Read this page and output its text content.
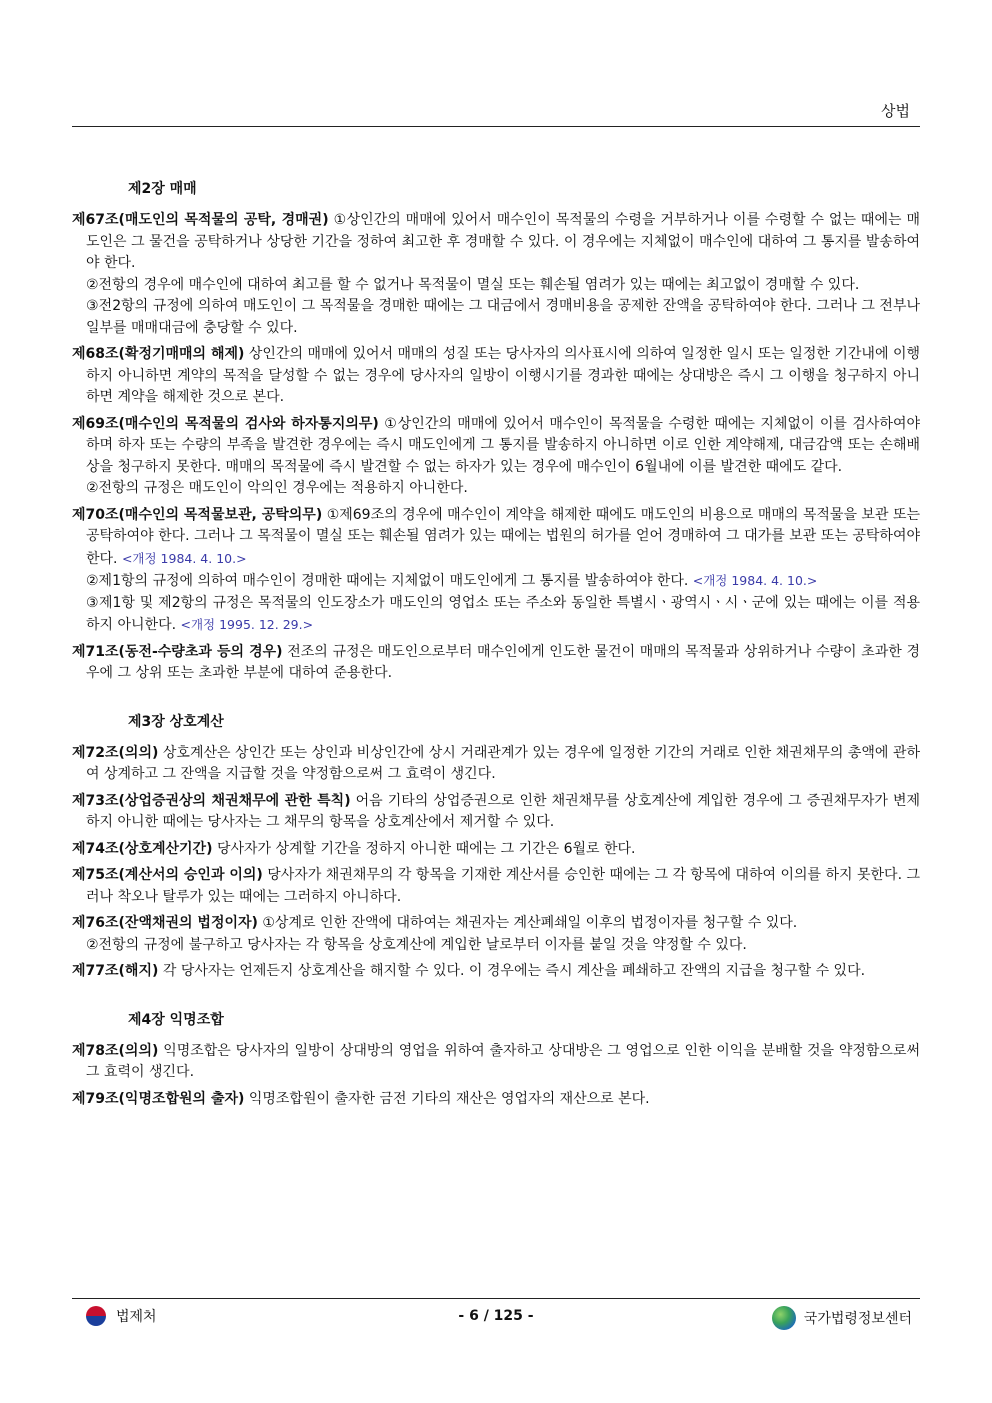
상법
제2장 매매
제67조(매도인의 목적물의 공탁, 경매권) ①상인간의 매매에 있어서 매수인이 목적물의 수령을 거부하거나 이를 수령할 수 없는 때에는 매도인은 그 물건을 공탁하거나 상당한 기간을 정하여 최고한 후 경매할 수 있다. 이 경우에는 지체없이 매수인에 대하여 그 통지를 발송하여야 한다.
②전항의 경우에 매수인에 대하여 최고를 할 수 없거나 목적물이 멸실 또는 훼손될 염려가 있는 때에는 최고없이 경매할 수 있다.
③전2항의 규정에 의하여 매도인이 그 목적물을 경매한 때에는 그 대금에서 경매비용을 공제한 잔액을 공탁하여야 한다. 그러나 그 전부나 일부를 매매대금에 충당할 수 있다.
제68조(확정기매매의 해제) 상인간의 매매에 있어서 매매의 성질 또는 당사자의 의사표시에 의하여 일정한 일시 또는 일정한 기간내에 이행하지 아니하면 계약의 목적을 달성할 수 없는 경우에 당사자의 일방이 이행시기를 경과한 때에는 상대방은 즉시 그 이행을 청구하지 아니하면 계약을 해제한 것으로 본다.
제69조(매수인의 목적물의 검사와 하자통지의무) ①상인간의 매매에 있어서 매수인이 목적물을 수령한 때에는 지체없이 이를 검사하여야 하며 하자 또는 수량의 부족을 발견한 경우에는 즉시 매도인에게 그 통지를 발송하지 아니하면 이로 인한 계약해제, 대금감액 또는 손해배상을 청구하지 못한다. 매매의 목적물에 즉시 발견할 수 없는 하자가 있는 경우에 매수인이 6월내에 이를 발견한 때에도 같다.
②전항의 규정은 매도인이 악의인 경우에는 적용하지 아니한다.
제70조(매수인의 목적물보관, 공탁의무) ①제69조의 경우에 매수인이 계약을 해제한 때에도 매도인의 비용으로 매매의 목적물을 보관 또는 공탁하여야 한다. 그러나 그 목적물이 멸실 또는 훼손될 염려가 있는 때에는 법원의 허가를 얻어 경매하여 그 대가를 보관 또는 공탁하여야 한다. <개정 1984. 4. 10.>
②제1항의 규정에 의하여 매수인이 경매한 때에는 지체없이 매도인에게 그 통지를 발송하여야 한다. <개정 1984. 4. 10.>
③제1항 및 제2항의 규정은 목적물의 인도장소가 매도인의 영업소 또는 주소와 동일한 특별시ㆍ광역시ㆍ시ㆍ군에 있는 때에는 이를 적용하지 아니한다. <개정 1995. 12. 29.>
제71조(동전-수량초과 등의 경우) 전조의 규정은 매도인으로부터 매수인에게 인도한 물건이 매매의 목적물과 상위하거나 수량이 초과한 경우에 그 상위 또는 초과한 부분에 대하여 준용한다.
제3장 상호계산
제72조(의의) 상호계산은 상인간 또는 상인과 비상인간에 상시 거래관계가 있는 경우에 일정한 기간의 거래로 인한 채권채무의 총액에 관하여 상계하고 그 잔액을 지급할 것을 약정함으로써 그 효력이 생긴다.
제73조(상업증권상의 채권채무에 관한 특칙) 어음 기타의 상업증권으로 인한 채권채무를 상호계산에 계입한 경우에 그 증권채무자가 변제하지 아니한 때에는 당사자는 그 채무의 항목을 상호계산에서 제거할 수 있다.
제74조(상호계산기간) 당사자가 상계할 기간을 정하지 아니한 때에는 그 기간은 6월로 한다.
제75조(계산서의 승인과 이의) 당사자가 채권채무의 각 항목을 기재한 계산서를 승인한 때에는 그 각 항목에 대하여 이의를 하지 못한다. 그러나 착오나 탈루가 있는 때에는 그러하지 아니하다.
제76조(잔액채권의 법정이자) ①상계로 인한 잔액에 대하여는 채권자는 계산폐쇄일 이후의 법정이자를 청구할 수 있다.
②전항의 규정에 불구하고 당사자는 각 항목을 상호계산에 계입한 날로부터 이자를 붙일 것을 약정할 수 있다.
제77조(해지) 각 당사자는 언제든지 상호계산을 해지할 수 있다. 이 경우에는 즉시 계산을 폐쇄하고 잔액의 지급을 청구할 수 있다.
제4장 익명조합
제78조(의의) 익명조합은 당사자의 일방이 상대방의 영업을 위하여 출자하고 상대방은 그 영업으로 인한 이익을 분배할 것을 약정함으로써 그 효력이 생긴다.
제79조(익명조합원의 출자) 익명조합원이 출자한 금전 기타의 재산은 영업자의 재산으로 본다.
법제처	- 6 / 125 -	국가법령정보센터
